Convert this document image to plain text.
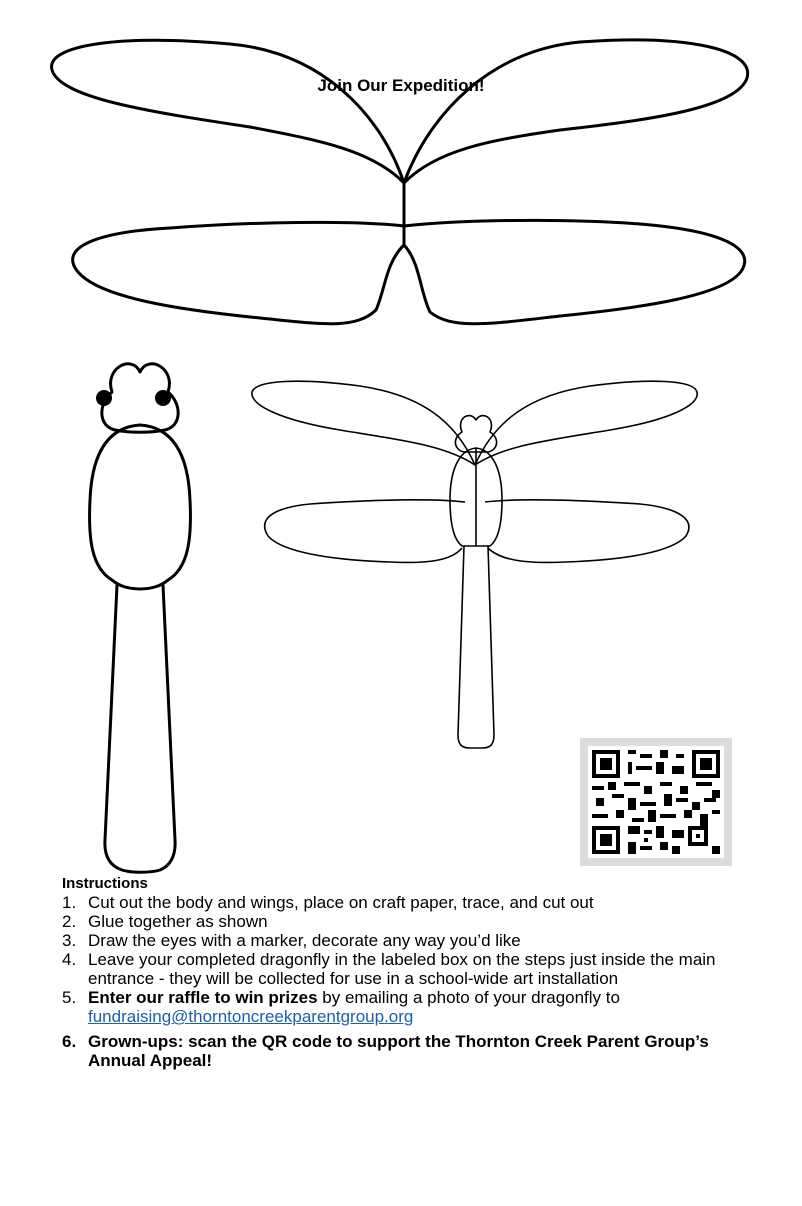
Join Our Expedition!
Instructions
1. Cut out the body and wings, place on craft paper, trace, and cut out
2. Glue together as shown
3. Draw the eyes with a marker, decorate any way you’d like
4. Leave your completed dragonfly in the labeled box on the steps just inside the main entrance - they will be collected for use in a school-wide art installation
5. Enter our raffle to win prizes by emailing a photo of your dragonfly to fundraising@thorntoncreekparentgroup.org
6. Grown-ups: scan the QR code to support the Thornton Creek Parent Group’s Annual Appeal!
